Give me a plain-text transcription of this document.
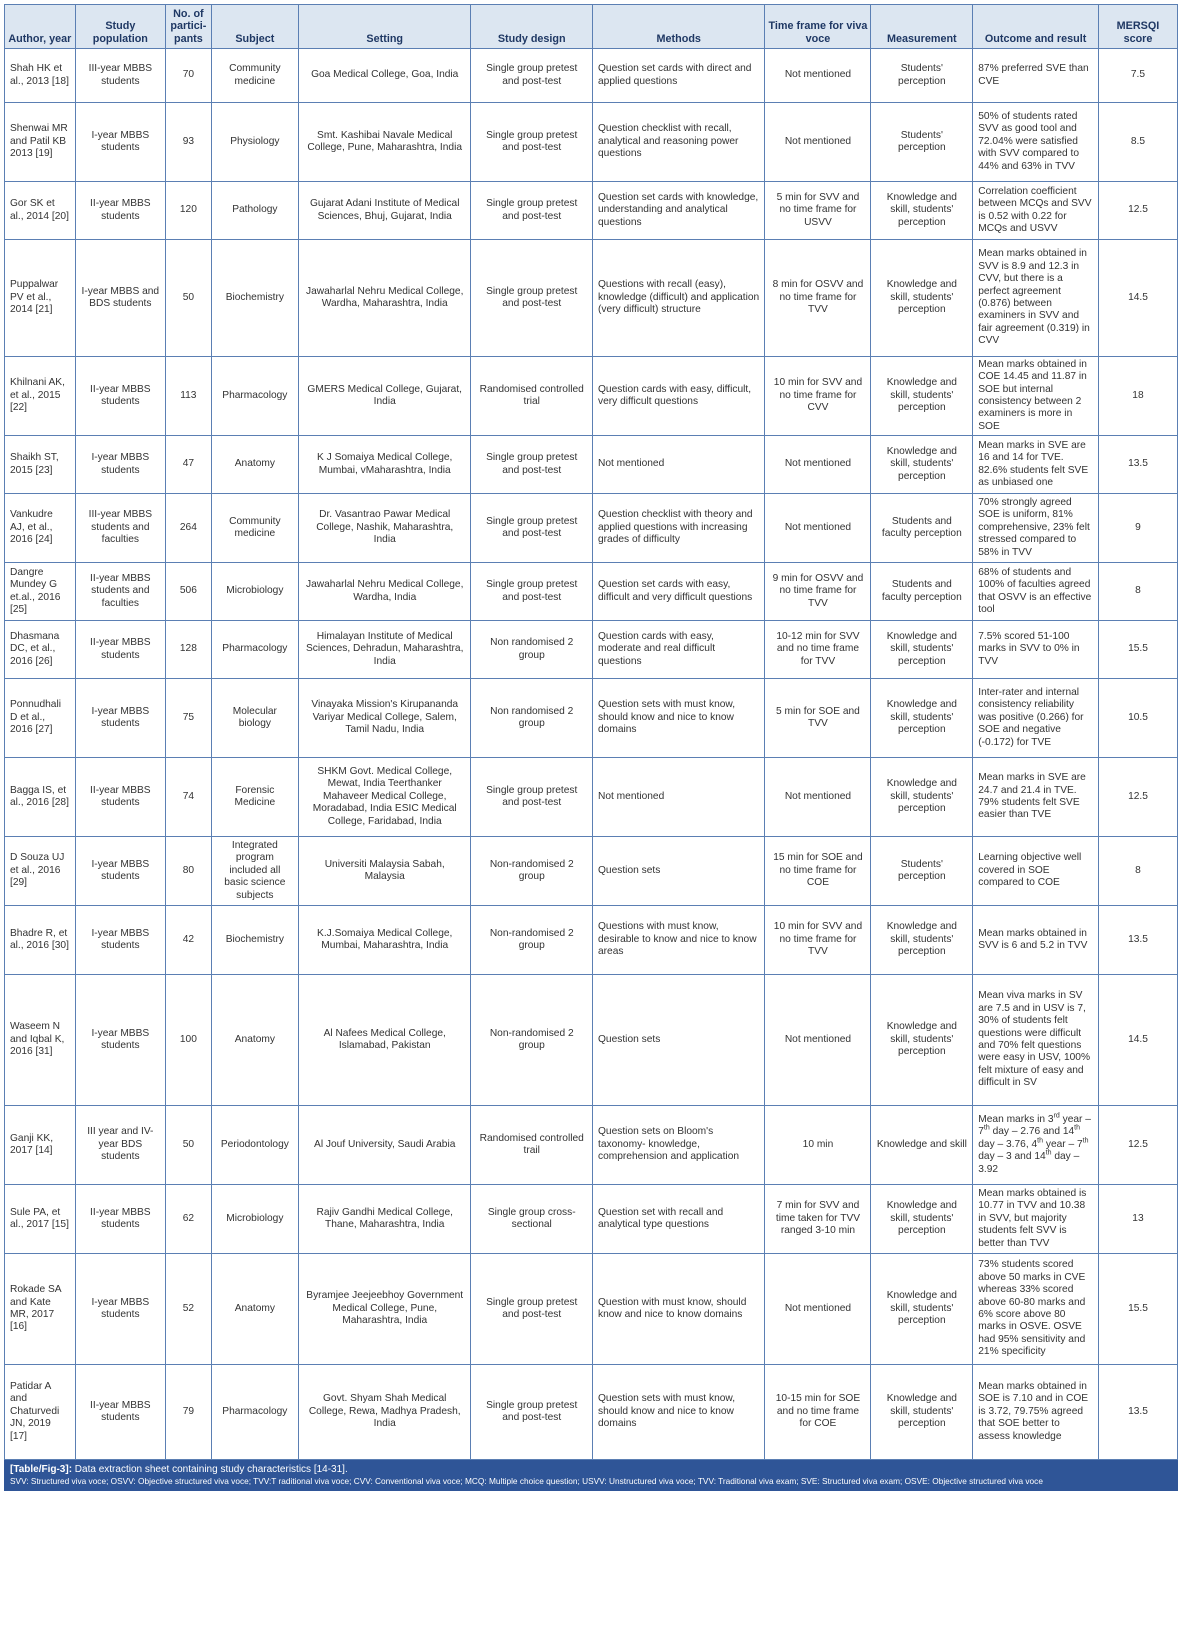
Author, year	Study population	No. of partici-pants	Subject	Setting	Study design	Methods	Time frame for viva voce	Measurement	Outcome and result	MERSQI score
Shah HK et al., 2013 [18]	III-year MBBS students	70	Community medicine	Goa Medical College, Goa, India	Single group pretest and post-test	Question set cards with direct and applied questions	Not mentioned	Students' perception	87% preferred SVE than CVE	7.5
Shenwai MR and Patil KB 2013 [19]	I-year MBBS students	93	Physiology	Smt. Kashibai Navale Medical College, Pune, Maharashtra, India	Single group pretest and post-test	Question checklist with recall, analytical and reasoning power questions	Not mentioned	Students' perception	50% of students rated SVV as good tool and 72.04% were satisfied with SVV compared to 44% and 63% in TVV	8.5
Gor SK et al., 2014 [20]	II-year MBBS students	120	Pathology	Gujarat Adani Institute of Medical Sciences, Bhuj, Gujarat, India	Single group pretest and post-test	Question set cards with knowledge, understanding and analytical questions	5 min for SVV and no time frame for USVV	Knowledge and skill, students' perception	Correlation coefficient between MCQs and SVV is 0.52 with 0.22 for MCQs and USVV	12.5
Puppalwar PV et al., 2014 [21]	I-year MBBS and BDS students	50	Biochemistry	Jawaharlal Nehru Medical College, Wardha, Maharashtra, India	Single group pretest and post-test	Questions with recall (easy), knowledge (difficult) and application (very difficult) structure	8 min for OSVV and no time frame for TVV	Knowledge and skill, students' perception	Mean marks obtained in SVV is 8.9 and 12.3 in CVV, but there is a perfect agreement (0.876) between examiners in SVV and fair agreement (0.319) in CVV	14.5
Khilnani AK, et al., 2015 [22]	II-year MBBS students	113	Pharmacology	GMERS Medical College, Gujarat, India	Randomised controlled trial	Question cards with easy, difficult, very difficult questions	10 min for SVV and no time frame for CVV	Knowledge and skill, students' perception	Mean marks obtained in COE 14.45 and 11.87 in SOE but internal consistency between 2 examiners is more in SOE	18
Shaikh ST, 2015 [23]	I-year MBBS students	47	Anatomy	K J Somaiya Medical College, Mumbai, vMaharashtra, India	Single group pretest and post-test	Not mentioned	Not mentioned	Knowledge and skill, students' perception	Mean marks in SVE are 16 and 14 for TVE. 82.6% students felt SVE as unbiased one	13.5
Vankudre AJ, et al., 2016 [24]	III-year MBBS students and faculties	264	Community medicine	Dr. Vasantrao Pawar Medical College, Nashik, Maharashtra, India	Single group pretest and post-test	Question checklist with theory and applied questions with increasing grades of difficulty	Not mentioned	Students and faculty perception	70% strongly agreed SOE is uniform, 81% comprehensive, 23% felt stressed compared to 58% in TVV	9
Dangre Mundey G et.al., 2016 [25]	II-year MBBS students and faculties	506	Microbiology	Jawaharlal Nehru Medical College, Wardha, India	Single group pretest and post-test	Question set cards with easy, difficult and very difficult questions	9 min for OSVV and no time frame for TVV	Students and faculty perception	68% of students and 100% of faculties agreed that OSVV is an effective tool	8
Dhasmana DC, et al., 2016 [26]	II-year MBBS students	128	Pharmacology	Himalayan Institute of Medical Sciences, Dehradun, Maharashtra, India	Non randomised 2 group	Question cards with easy, moderate and real difficult questions	10-12 min for SVV and no time frame for TVV	Knowledge and skill, students' perception	7.5% scored 51-100 marks in SVV to 0% in TVV	15.5
Ponnudhali D et al., 2016 [27]	I-year MBBS students	75	Molecular biology	Vinayaka Mission's Kirupananda Variyar Medical College, Salem, Tamil Nadu, India	Non randomised 2 group	Question sets with must know, should know and nice to know domains	5 min for SOE and TVV	Knowledge and skill, students' perception	Inter-rater and internal consistency reliability was positive (0.266) for SOE and negative (-0.172) for TVE	10.5
Bagga IS, et al., 2016 [28]	II-year MBBS students	74	Forensic Medicine	SHKM Govt. Medical College, Mewat, India Teerthanker Mahaveer Medical College, Moradabad, India ESIC Medical College, Faridabad, India	Single group pretest and post-test	Not mentioned	Not mentioned	Knowledge and skill, students' perception	Mean marks in SVE are 24.7 and 21.4 in TVE. 79% students felt SVE easier than TVE	12.5
D Souza UJ et al., 2016 [29]	I-year MBBS students	80	Integrated program included all basic science subjects	Universiti Malaysia Sabah, Malaysia	Non-randomised 2 group	Question sets	15 min for SOE and no time frame for COE	Students' perception	Learning objective well covered in SOE compared to COE	8
Bhadre R, et al., 2016 [30]	I-year MBBS students	42	Biochemistry	K.J.Somaiya Medical College, Mumbai, Maharashtra, India	Non-randomised 2 group	Questions with must know, desirable to know and nice to know areas	10 min for SVV and no time frame for TVV	Knowledge and skill, students' perception	Mean marks obtained in SVV is 6 and 5.2 in TVV	13.5
Waseem N and Iqbal K, 2016 [31]	I-year MBBS students	100	Anatomy	Al Nafees Medical College, Islamabad, Pakistan	Non-randomised 2 group	Question sets	Not mentioned	Knowledge and skill, students' perception	Mean viva marks in SV are 7.5 and in USV is 7, 30% of students felt questions were difficult and 70% felt questions were easy in USV, 100% felt mixture of easy and difficult in SV	14.5
Ganji KK, 2017 [14]	III year and IV-year BDS students	50	Periodontology	Al Jouf University, Saudi Arabia	Randomised controlled trail	Question sets on Bloom's taxonomy- knowledge, comprehension and application	10 min	Knowledge and skill	Mean marks in 3rd year – 7th day – 2.76 and 14th day – 3.76, 4th year – 7th day – 3 and 14th day – 3.92	12.5
Sule PA, et al., 2017 [15]	II-year MBBS students	62	Microbiology	Rajiv Gandhi Medical College, Thane, Maharashtra, India	Single group cross-sectional	Question set with recall and analytical type questions	7 min for SVV and time taken for TVV ranged 3-10 min	Knowledge and skill, students' perception	Mean marks obtained is 10.77 in TVV and 10.38 in SVV, but majority students felt SVV is better than TVV	13
Rokade SA and Kate MR, 2017 [16]	I-year MBBS students	52	Anatomy	Byramjee Jeejeebhoy Government Medical College, Pune, Maharashtra, India	Single group pretest and post-test	Question with must know, should know and nice to know domains	Not mentioned	Knowledge and skill, students' perception	73% students scored above 50 marks in CVE whereas 33% scored above 60-80 marks and 6% score above 80 marks in OSVE. OSVE had 95% sensitivity and 21% specificity	15.5
Patidar A and Chaturvedi JN, 2019 [17]	II-year MBBS students	79	Pharmacology	Govt. Shyam Shah Medical College, Rewa, Madhya Pradesh, India	Single group pretest and post-test	Question sets with must know, should know and nice to know domains	10-15 min for SOE and no time frame for COE	Knowledge and skill, students' perception	Mean marks obtained in SOE is 7.10 and in COE is 3.72, 79.75% agreed that SOE better to assess knowledge	13.5
[Table/Fig-3]: Data extraction sheet containing study characteristics [14-31].
SVV: Structured viva voce; OSVV: Objective structured viva voce; TVV:T raditional viva voce; CVV: Conventional viva voce; MCQ: Multiple choice question; USVV: Unstructured viva voce; TVV: Traditional viva exam; SVE: Structured viva exam; OSVE: Objective structured viva voce
